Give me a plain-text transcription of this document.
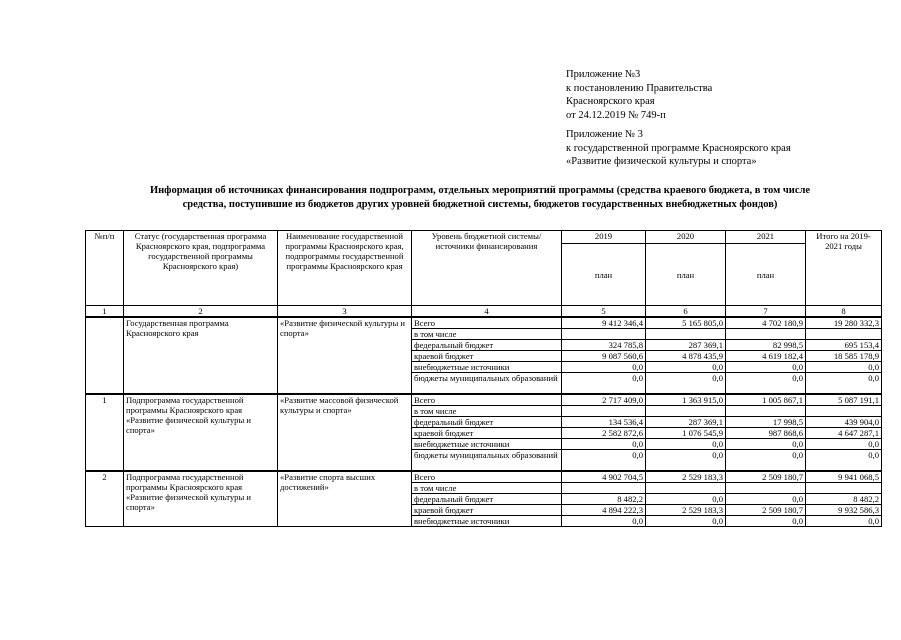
Приложение №3
к постановлению Правительства
Красноярского края
от 24.12.2019 № 749-п
Приложение № 3
к государственной программе Красноярского края
«Развитие физической культуры и спорта»
Информация об источниках финансирования подпрограмм, отдельных мероприятий программы (средства краевого бюджета, в том числе
средства, поступившие из бюджетов других уровней бюджетной системы, бюджетов государственных внебюджетных фондов)
№п/п	Статус (государственная программа Красноярского края, подпрограмма государственной программы Красноярского края)	Наименование государственной программы Красноярского края, подпрограммы государственной программы Красноярского края	Уровень бюджетной системы/ источники финансирования	2019	2020	2021	Итого на 2019-2021 годы
				план	план	план	
1	2	3	4	5	6	7	8
	Государственная программа Красноярского края	«Развитие физической культуры и спорта»	Всего	9 412 346,4	5 165 805,0	4 702 180,9	19 280 332,3
			в том числе				
			федеральный бюджет	324 785,8	287 369,1	82 998,5	695 153,4
			краевой бюджет	9 087 560,6	4 878 435,9	4 619 182,4	18 585 178,9
			внебюджетные источники	0,0	0,0	0,0	0,0
			бюджеты муниципальных образований	0,0	0,0	0,0	0,0
1	Подпрограмма государственной программы Красноярского края «Развитие физической культуры и спорта»	«Развитие массовой физической культуры и спорта»	Всего	2 717 409,0	1 363 915,0	1 005 867,1	5 087 191,1
			в том числе				
			федеральный бюджет	134 536,4	287 369,1	17 998,5	439 904,0
			краевой бюджет	2 582 872,6	1 076 545,9	987 868,6	4 647 287,1
			внебюджетные источники	0,0	0,0	0,0	0,0
			бюджеты муниципальных образований	0,0	0,0	0,0	0,0
2	Подпрограмма государственной программы Красноярского края «Развитие физической культуры и спорта»	«Развитие спорта высших достижений»	Всего	4 902 704,5	2 529 183,3	2 509 180,7	9 941 068,5
			в том числе				
			федеральный бюджет	8 482,2	0,0	0,0	8 482,2
			краевой бюджет	4 894 222,3	2 529 183,3	2 509 180,7	9 932 586,3
			внебюджетные источники	0,0	0,0	0,0	0,0
